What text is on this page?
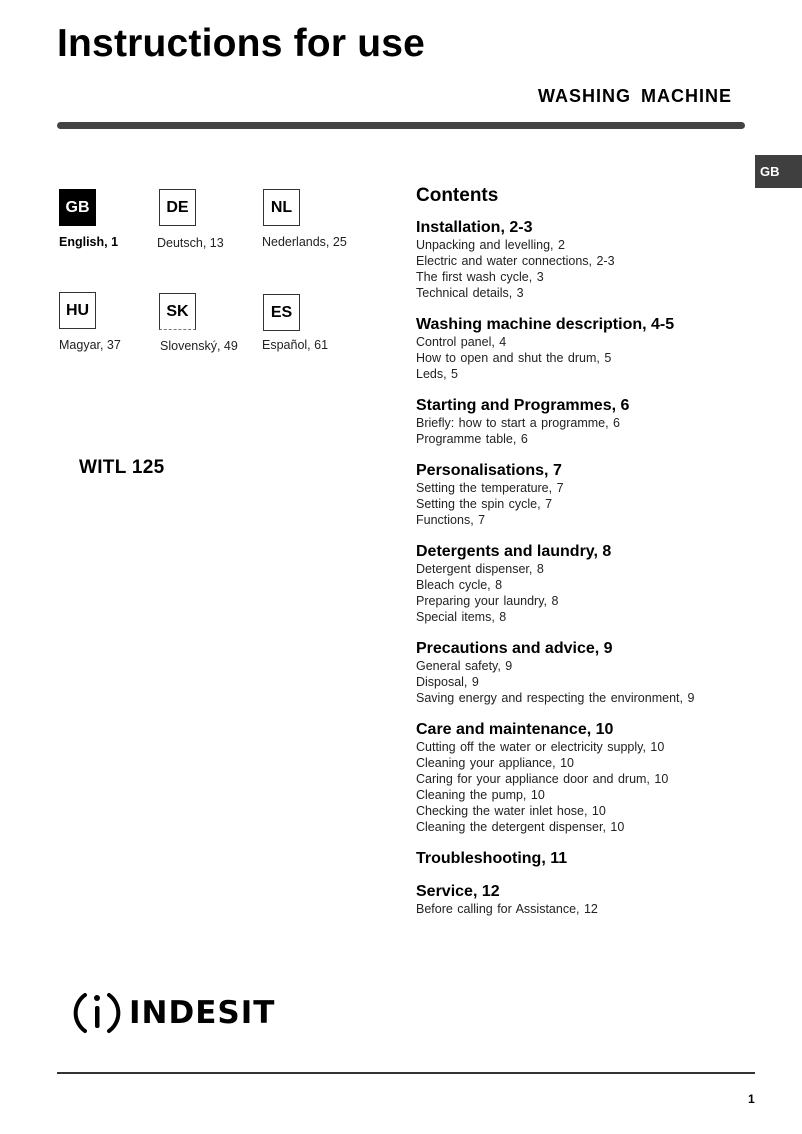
Instructions for use
WASHING MACHINE
GB
GB
English, 1
DE
Deutsch, 13
NL
Nederlands, 25
HU
Magyar, 37
SK
Slovenský, 49
ES
Español, 61
WITL 125
Contents
Installation, 2-3
Unpacking and levelling, 2
Electric and water connections, 2-3
The first wash cycle, 3
Technical details, 3
Washing machine description, 4-5
Control panel, 4
How to open and shut the drum, 5
Leds, 5
Starting and Programmes, 6
Briefly: how to start a programme, 6
Programme table, 6
Personalisations, 7
Setting the temperature, 7
Setting the spin cycle, 7
Functions, 7
Detergents and laundry, 8
Detergent dispenser, 8
Bleach cycle, 8
Preparing your laundry, 8
Special items, 8
Precautions and advice, 9
General safety, 9
Disposal, 9
Saving energy and respecting the environment, 9
Care and maintenance, 10
Cutting off the water or electricity supply, 10
Cleaning your appliance, 10
Caring for your appliance door and drum, 10
Cleaning the pump, 10
Checking the water inlet hose, 10
Cleaning the detergent dispenser, 10
Troubleshooting, 11
Service, 12
Before calling for Assistance, 12
INDESIT
1
